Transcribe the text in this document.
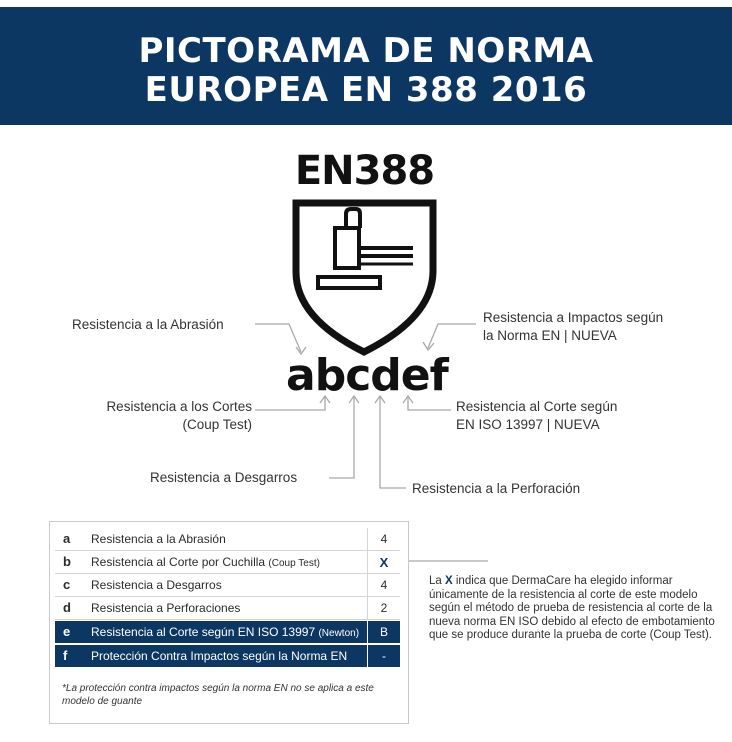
PICTORAMA DE NORMA
EUROPEA EN 388 2016
EN388
abcdef
Resistencia a la Abrasión
Resistencia a los Cortes
(Coup Test)
Resistencia a Desgarros
Resistencia a la Perforación
Resistencia al Corte según
EN ISO 13997 | NUEVA
Resistencia a Impactos según
la Norma EN | NUEVA
a Resistencia a la Abrasión	4
b Resistencia al Corte por Cuchilla (Coup Test)	X
c Resistencia a Desgarros	4
d Resistencia a Perforaciones	2
e Resistencia al Corte según EN ISO 13997 (Newton)	B
f Protección Contra Impactos según la Norma EN	-
*La protección contra impactos según la norma EN no se aplica a este modelo de guante
La X indica que DermaCare ha elegido informar únicamente de la resistencia al corte de este modelo según el método de prueba de resistencia al corte de la nueva norma EN ISO debido al efecto de embotamiento que se produce durante la prueba de corte (Coup Test).
